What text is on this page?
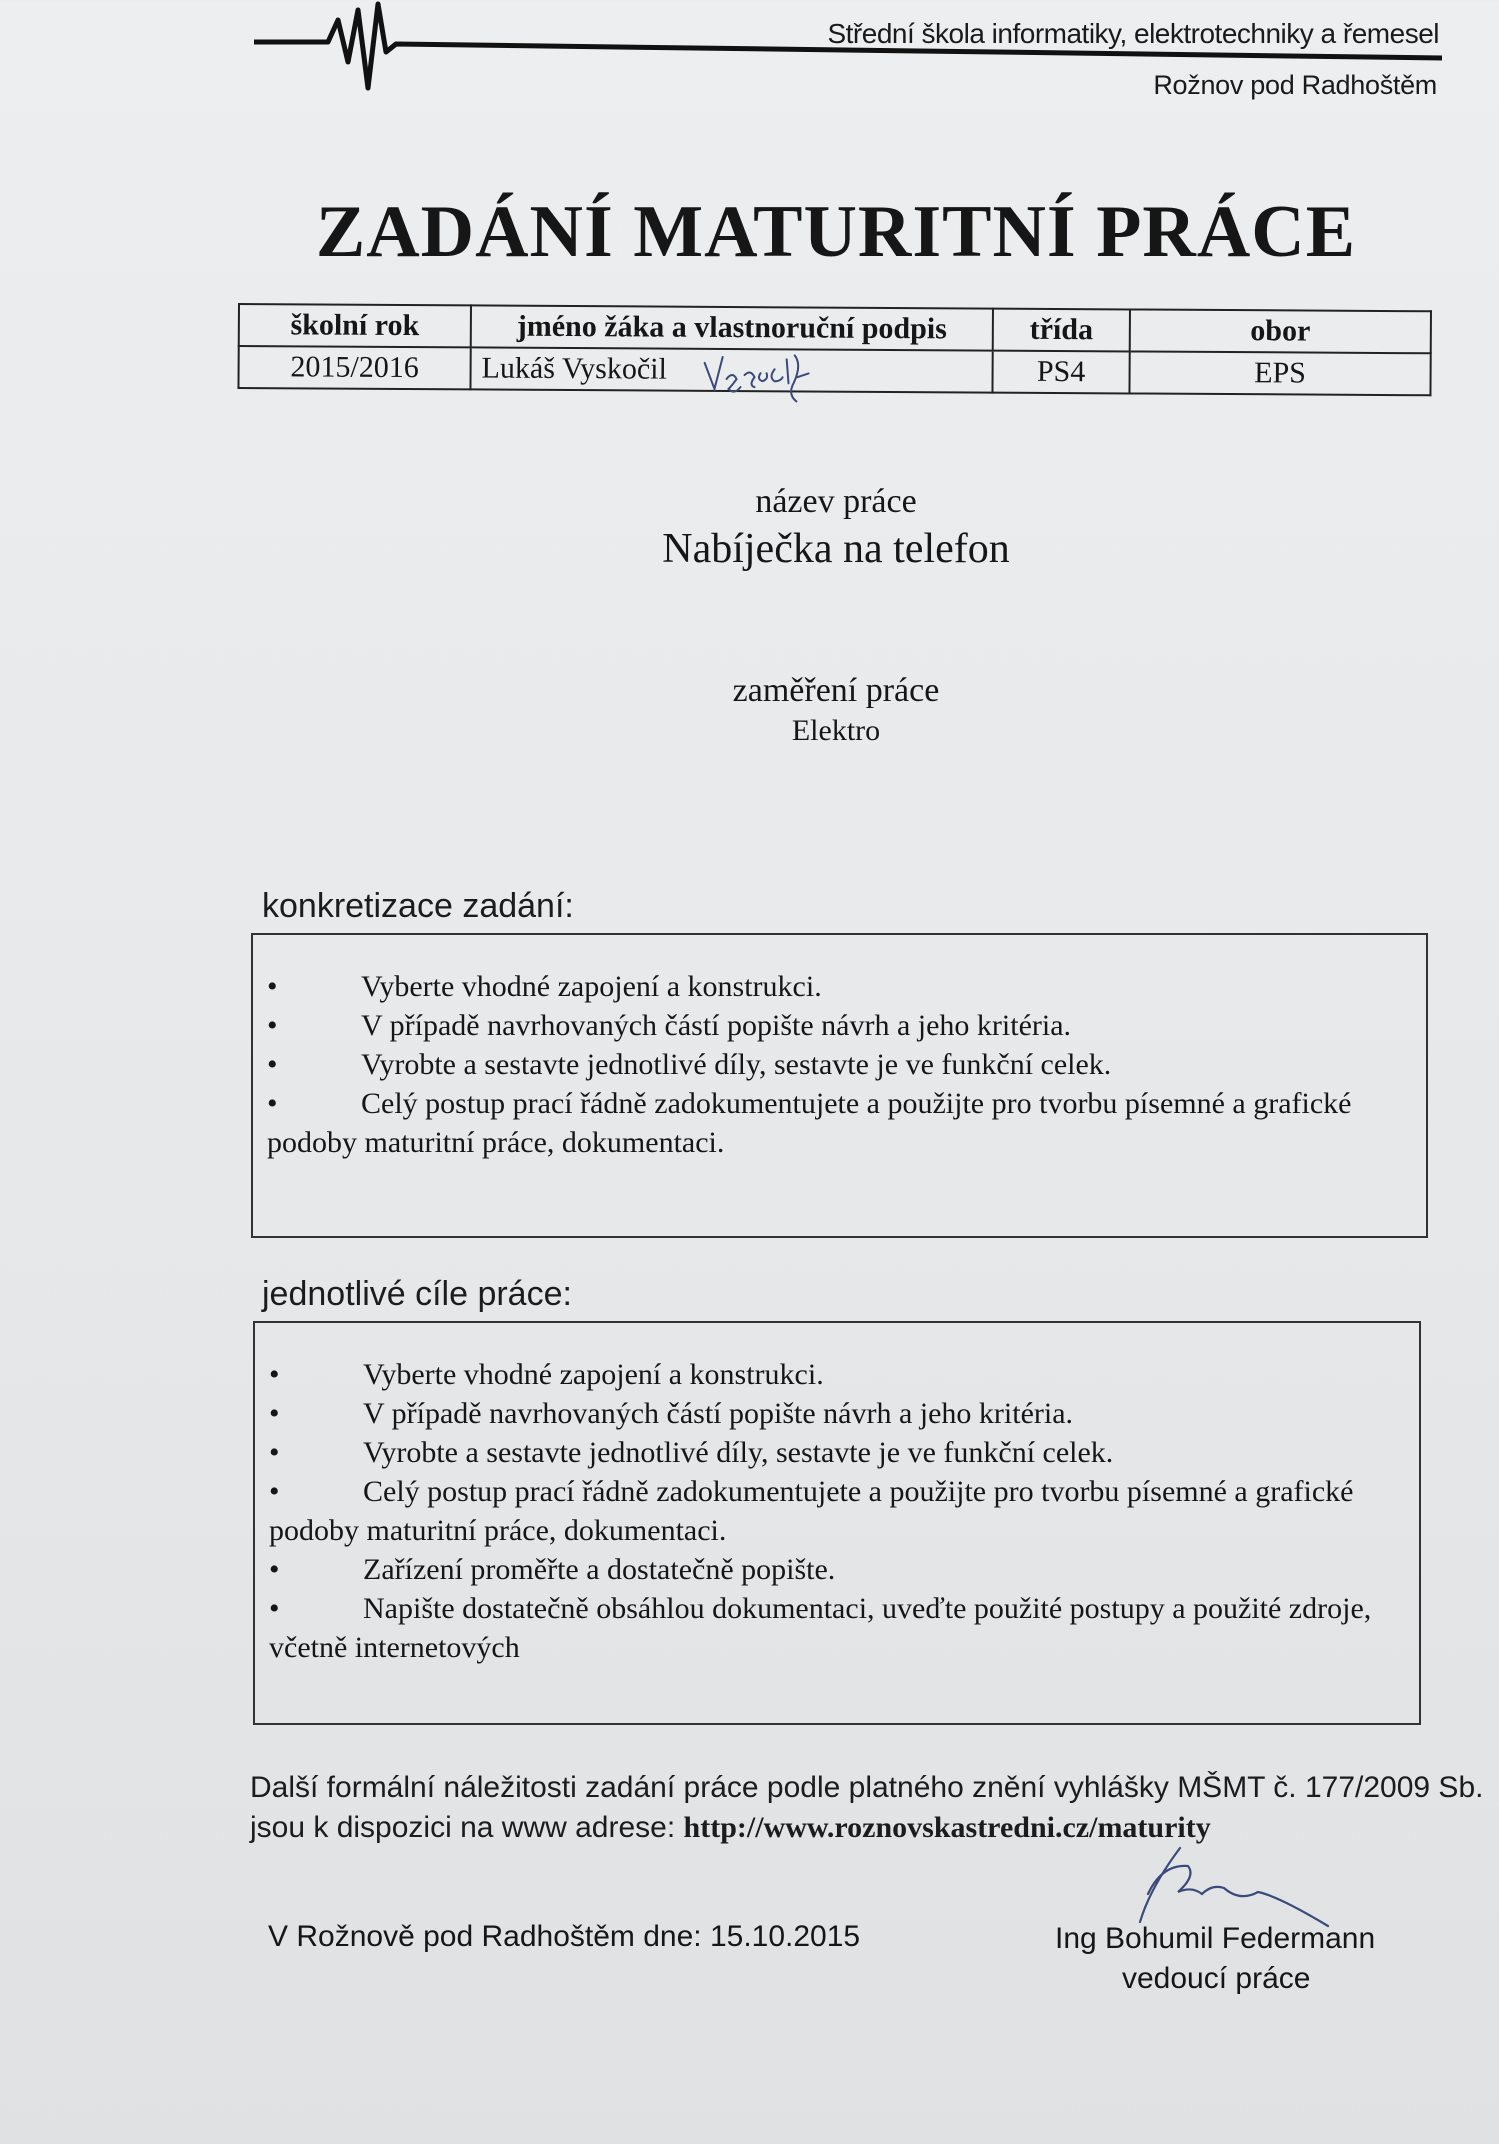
Střední škola informatiky, elektrotechniky a řemesel
Rožnov pod Radhoštěm
ZADÁNÍ MATURITNÍ PRÁCE
školní rok	jméno žáka a vlastnoruční podpis	třída	obor
2015/2016	Lukáš Vyskočil	PS4	EPS
název práce
Nabíječka na telefon
zaměření práce
Elektro
konkretizace zadání:
•	Vyberte vhodné zapojení a konstrukci.
•	V případě navrhovaných částí popište návrh a jeho kritéria.
•	Vyrobte a sestavte jednotlivé díly, sestavte je ve funkční celek.
•	Celý postup prací řádně zadokumentujete a použijte pro tvorbu písemné a grafické podoby maturitní práce, dokumentaci.
jednotlivé cíle práce:
•	Vyberte vhodné zapojení a konstrukci.
•	V případě navrhovaných částí popište návrh a jeho kritéria.
•	Vyrobte a sestavte jednotlivé díly, sestavte je ve funkční celek.
•	Celý postup prací řádně zadokumentujete a použijte pro tvorbu písemné a grafické podoby maturitní práce, dokumentaci.
•	Zařízení proměřte a dostatečně popište.
•	Napište dostatečně obsáhlou dokumentaci, uveďte použité postupy a použité zdroje, včetně internetových
Další formální náležitosti zadání práce podle platného znění vyhlášky MŠMT č. 177/2009 Sb.
jsou k dispozici na www adrese: http://www.roznovskastredni.cz/maturity
V Rožnově pod Radhoštěm dne: 15.10.2015	Ing Bohumil Federmann
vedoucí práce
